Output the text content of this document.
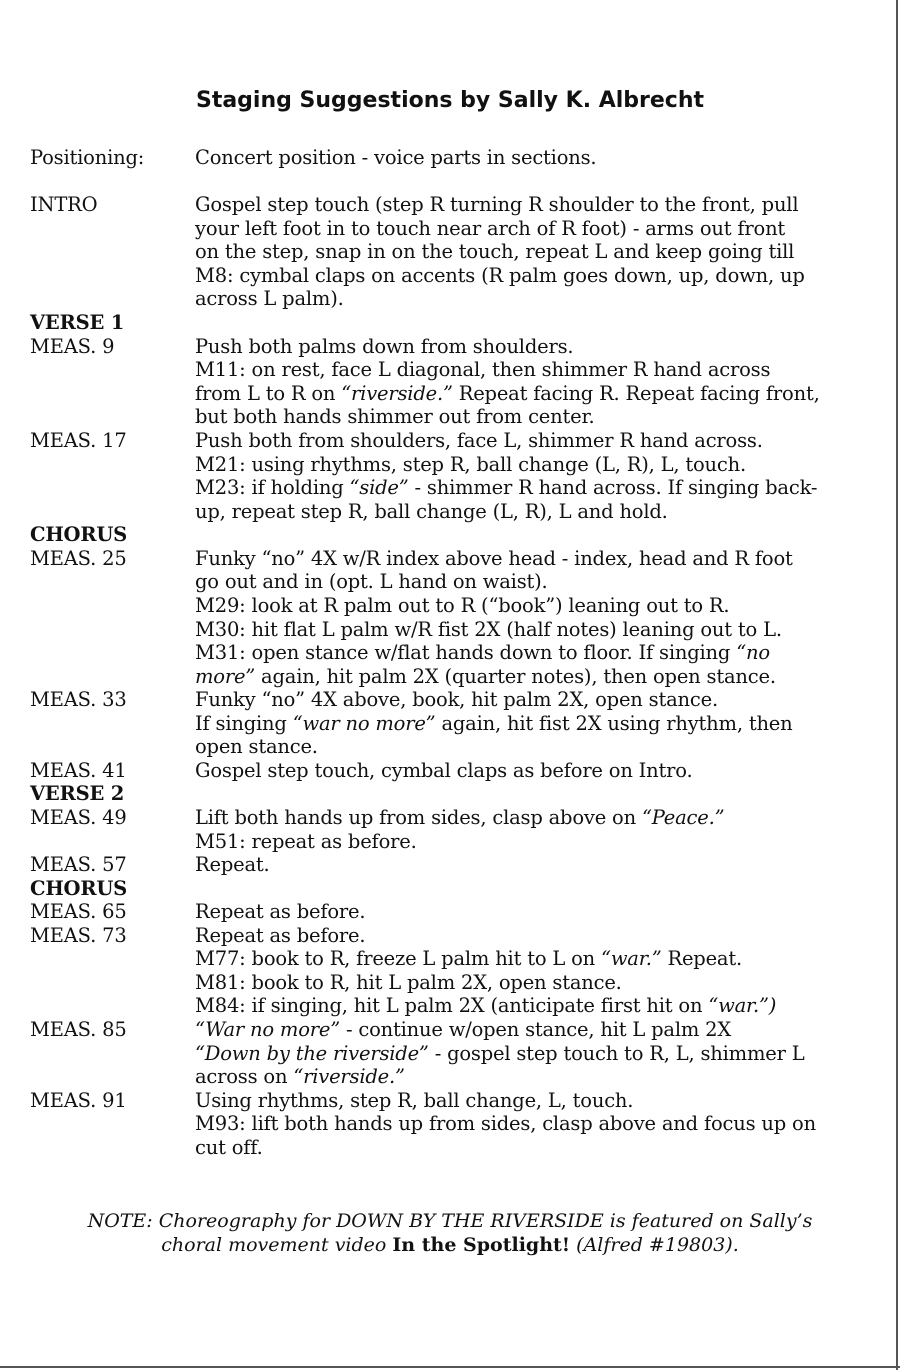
Staging Suggestions by Sally K. Albrecht
Positioning:	Concert position - voice parts in sections.
INTRO	Gospel step touch (step R turning R shoulder to the front, pull
your left foot in to touch near arch of R foot) - arms out front
on the step, snap in on the touch, repeat L and keep going till
M8: cymbal claps on accents (R palm goes down, up, down, up
across L palm).
VERSE 1
MEAS. 9	Push both palms down from shoulders.
M11: on rest, face L diagonal, then shimmer R hand across
from L to R on “riverside.” Repeat facing R. Repeat facing front,
but both hands shimmer out from center.
MEAS. 17	Push both from shoulders, face L, shimmer R hand across.
M21: using rhythms, step R, ball change (L, R), L, touch.
M23: if holding “side” - shimmer R hand across. If singing back-
up, repeat step R, ball change (L, R), L and hold.
CHORUS
MEAS. 25	Funky “no” 4X w/R index above head - index, head and R foot
go out and in (opt. L hand on waist).
M29: look at R palm out to R (“book”) leaning out to R.
M30: hit flat L palm w/R fist 2X (half notes) leaning out to L.
M31: open stance w/flat hands down to floor. If singing “no
more” again, hit palm 2X (quarter notes), then open stance.
MEAS. 33	Funky “no” 4X above, book, hit palm 2X, open stance.
If singing “war no more” again, hit fist 2X using rhythm, then
open stance.
MEAS. 41	Gospel step touch, cymbal claps as before on Intro.
VERSE 2
MEAS. 49	Lift both hands up from sides, clasp above on “Peace.”
M51: repeat as before.
MEAS. 57	Repeat.
CHORUS
MEAS. 65	Repeat as before.
MEAS. 73	Repeat as before.
M77: book to R, freeze L palm hit to L on “war.” Repeat.
M81: book to R, hit L palm 2X, open stance.
M84: if singing, hit L palm 2X (anticipate first hit on “war.”)
MEAS. 85	“War no more” - continue w/open stance, hit L palm 2X
“Down by the riverside” - gospel step touch to R, L, shimmer L
across on “riverside.”
MEAS. 91	Using rhythms, step R, ball change, L, touch.
M93: lift both hands up from sides, clasp above and focus up on
cut off.
NOTE: Choreography for DOWN BY THE RIVERSIDE is featured on Sally’s
choral movement video In the Spotlight! (Alfred #19803).
